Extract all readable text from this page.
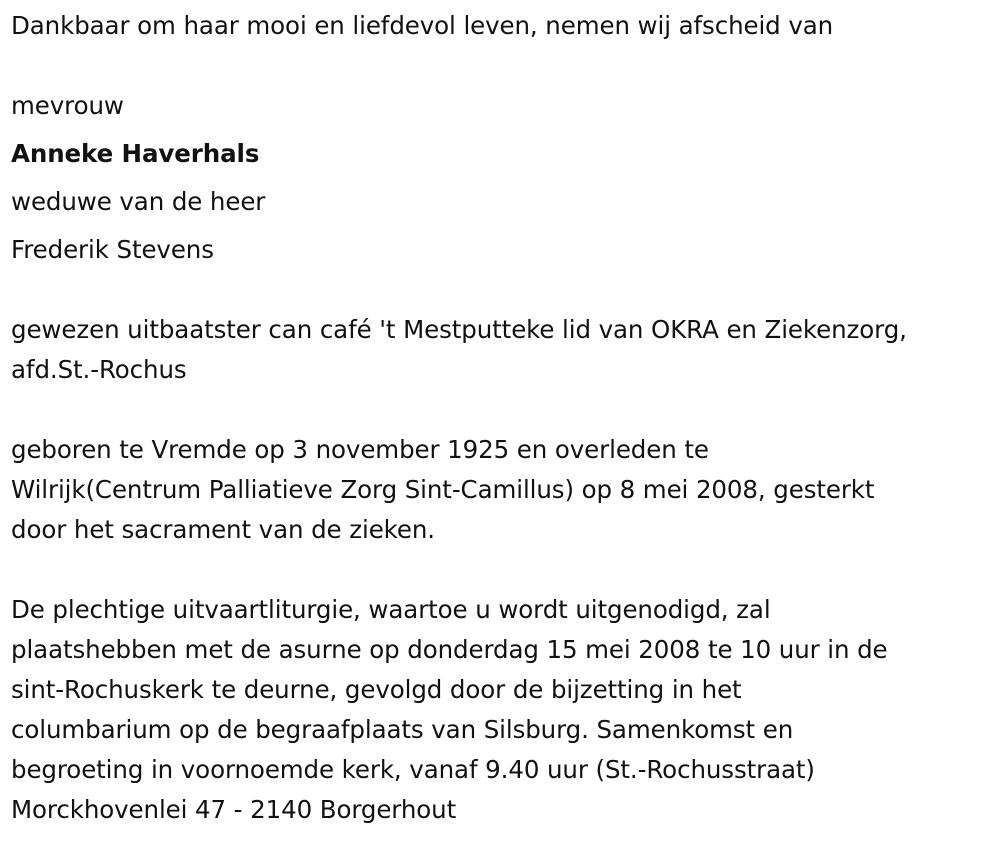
Dankbaar om haar mooi en liefdevol leven, nemen wij afscheid van
mevrouw
Anneke Haverhals
weduwe van de heer
Frederik Stevens
gewezen uitbaatster can café 't Mestputteke lid van OKRA en Ziekenzorg,
afd.St.-Rochus
geboren te Vremde op 3 november 1925 en overleden te
Wilrijk(Centrum Palliatieve Zorg Sint-Camillus) op 8 mei 2008, gesterkt
door het sacrament van de zieken.
De plechtige uitvaartliturgie, waartoe u wordt uitgenodigd, zal
plaatshebben met de asurne op donderdag 15 mei 2008 te 10 uur in de
sint-Rochuskerk te deurne, gevolgd door de bijzetting in het
columbarium op de begraafplaats van Silsburg. Samenkomst en
begroeting in voornoemde kerk, vanaf 9.40 uur (St.-Rochusstraat)
Morckhovenlei 47 - 2140 Borgerhout
